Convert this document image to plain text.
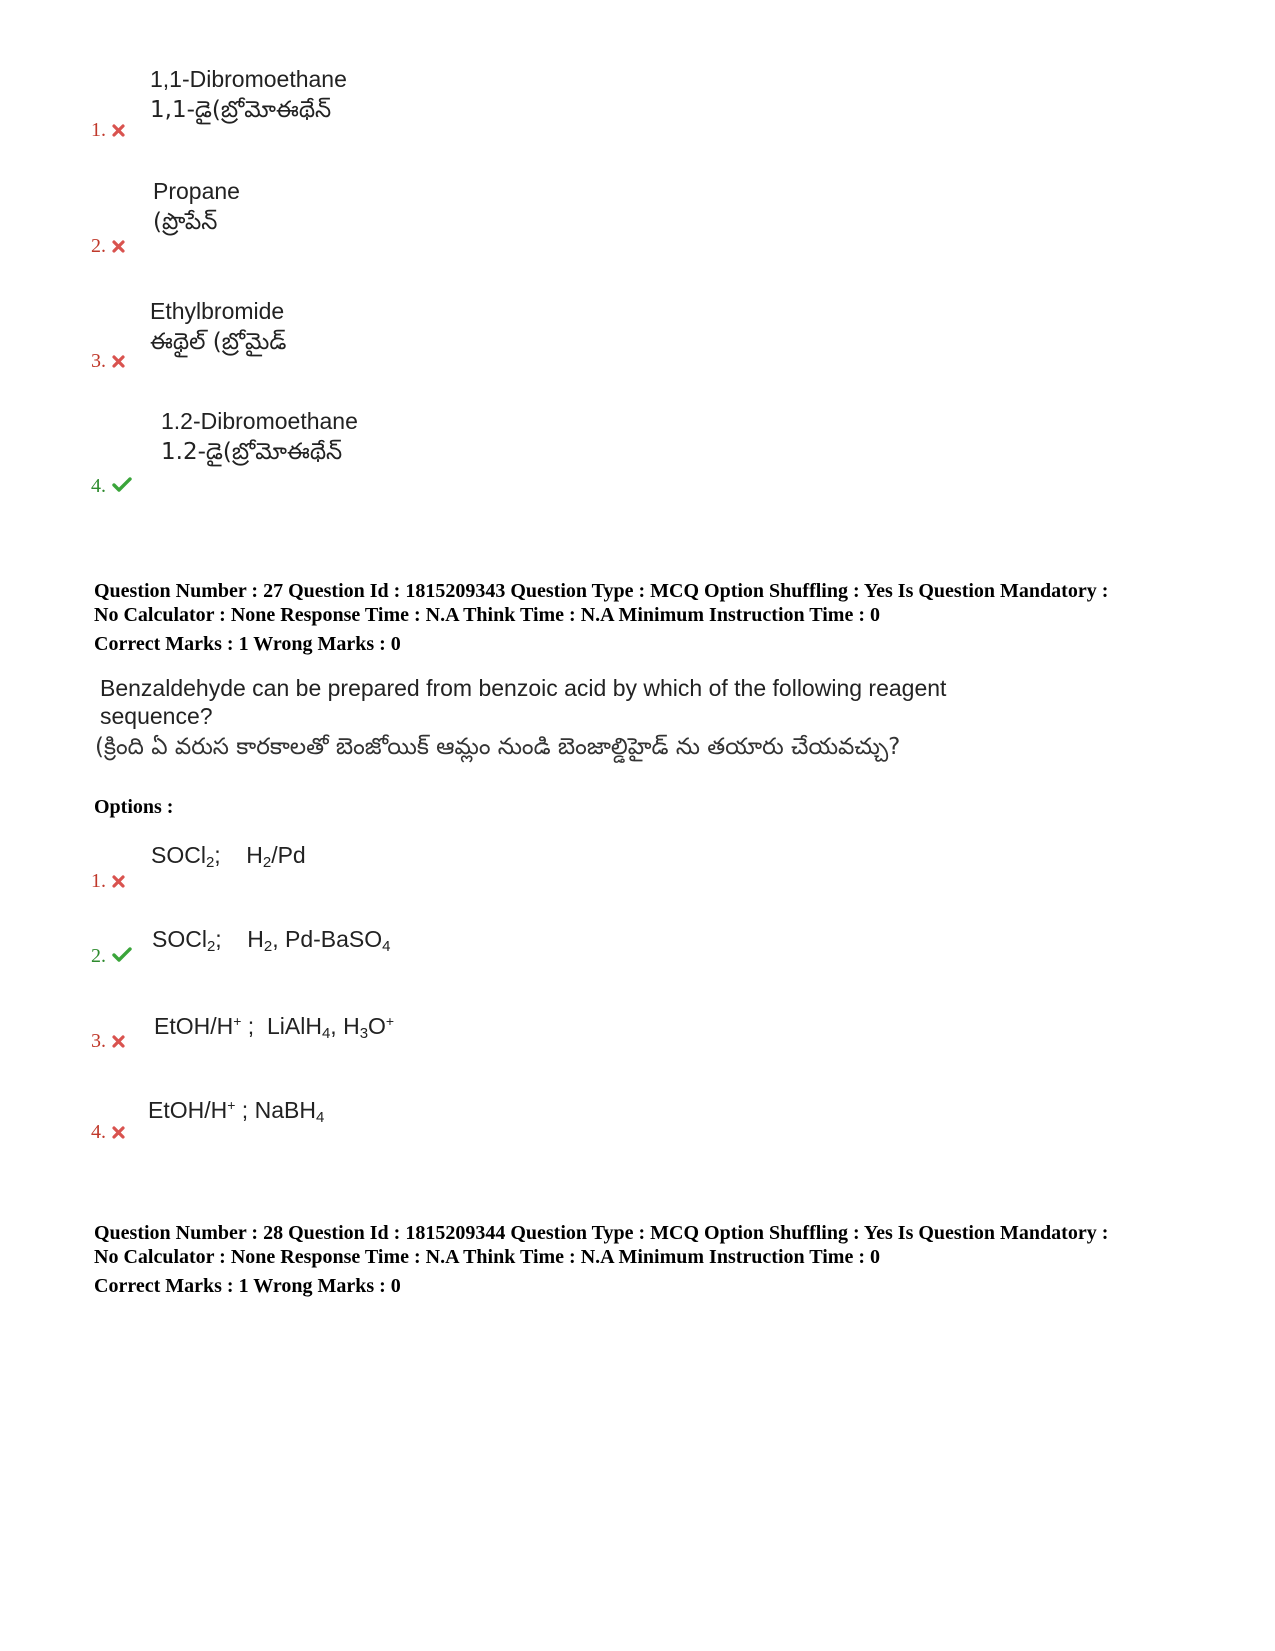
1,1-Dibromoethane
1,1-డై(బ్రోమోఈథేన్
1.
Propane
(ప్రొపేన్
2.
Ethylbromide
ఈథైల్ (బ్రోమైడ్
3.
1.2-Dibromoethane
1.2-డై(బ్రోమోఈథేన్
4.
Question Number : 27 Question Id : 1815209343 Question Type : MCQ Option Shuffling : Yes Is Question Mandatory :
No Calculator : None Response Time : N.A Think Time : N.A Minimum Instruction Time : 0
Correct Marks : 1 Wrong Marks : 0
Benzaldehyde can be prepared from benzoic acid by which of the following reagent
sequence?
(క్రింది ఏ వరుస కారకాలతో బెంజోయిక్ ఆమ్లం నుండి బెంజాల్డిహైడ్ ను తయారు చేయవచ్చు?
Options :
SOCl$_2$;    $H_2/Pd$
1.
SOCl$_2$;    $H_2$, Pd-BaSO$_4$
2.
EtOH/H+ ;  LiAlH$_4$, $H_3O^+$
3.
EtOH/H+ ; NaBH$_4$
4.
Question Number : 28 Question Id : 1815209344 Question Type : MCQ Option Shuffling : Yes Is Question Mandatory :
No Calculator : None Response Time : N.A Think Time : N.A Minimum Instruction Time : 0
Correct Marks : 1 Wrong Marks : 0
